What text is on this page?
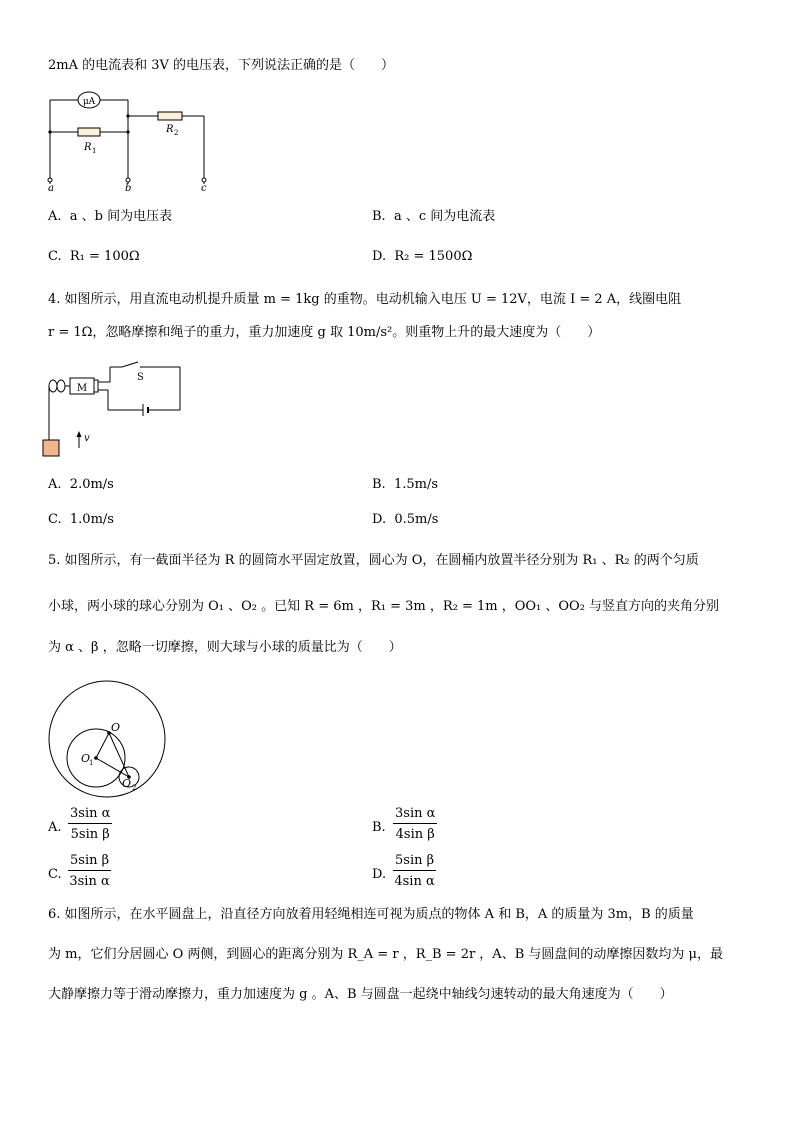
2mA 的电流表和 3V 的电压表，下列说法正确的是（　　）
μA
R 1
R 2
a	b	c
A. a 、b 间为电压表	B. a 、c 间为电流表
C. R₁ = 100Ω	D. R₂ = 1500Ω
4. 如图所示，用直流电动机提升质量 m = 1kg 的重物。电动机输入电压 U = 12V，电流 I = 2 A，线圈电阻
r = 1Ω，忽略摩擦和绳子的重力，重力加速度 g 取 10m/s²。则重物上升的最大速度为（　　）
M
S
v
A. 2.0m/s	B. 1.5m/s
C. 1.0m/s	D. 0.5m/s
5. 如图所示，有一截面半径为 R 的圆筒水平固定放置，圆心为 O，在圆桶内放置半径分别为 R₁ 、R₂ 的两个匀质
小球，两小球的球心分别为 O₁ 、O₂ 。已知 R = 6m ，R₁ = 3m ，R₂ = 1m ，OO₁ 、OO₂ 与竖直方向的夹角分别
为 α 、β ，忽略一切摩擦，则大球与小球的质量比为（　　）
O
O
1
O 2
A. $\frac{\text{3sin α}}{\text{5sin β}}$	B. $\frac{\text{3sin α}}{\text{4sin β}}$
C. $\frac{\text{5sin β}}{\text{3sin α}}$	D. $\frac{\text{5sin β}}{\text{4sin α}}$
6. 如图所示，在水平圆盘上，沿直径方向放着用轻绳相连可视为质点的物体 A 和 B，A 的质量为 3m，B 的质量
为 m，它们分居圆心 O 两侧，到圆心的距离分别为 R_A = r ，R_B = 2r ，A、B 与圆盘间的动摩擦因数均为 μ，最
大静摩擦力等于滑动摩擦力，重力加速度为 g 。A、B 与圆盘一起绕中轴线匀速转动的最大角速度为（　　）
